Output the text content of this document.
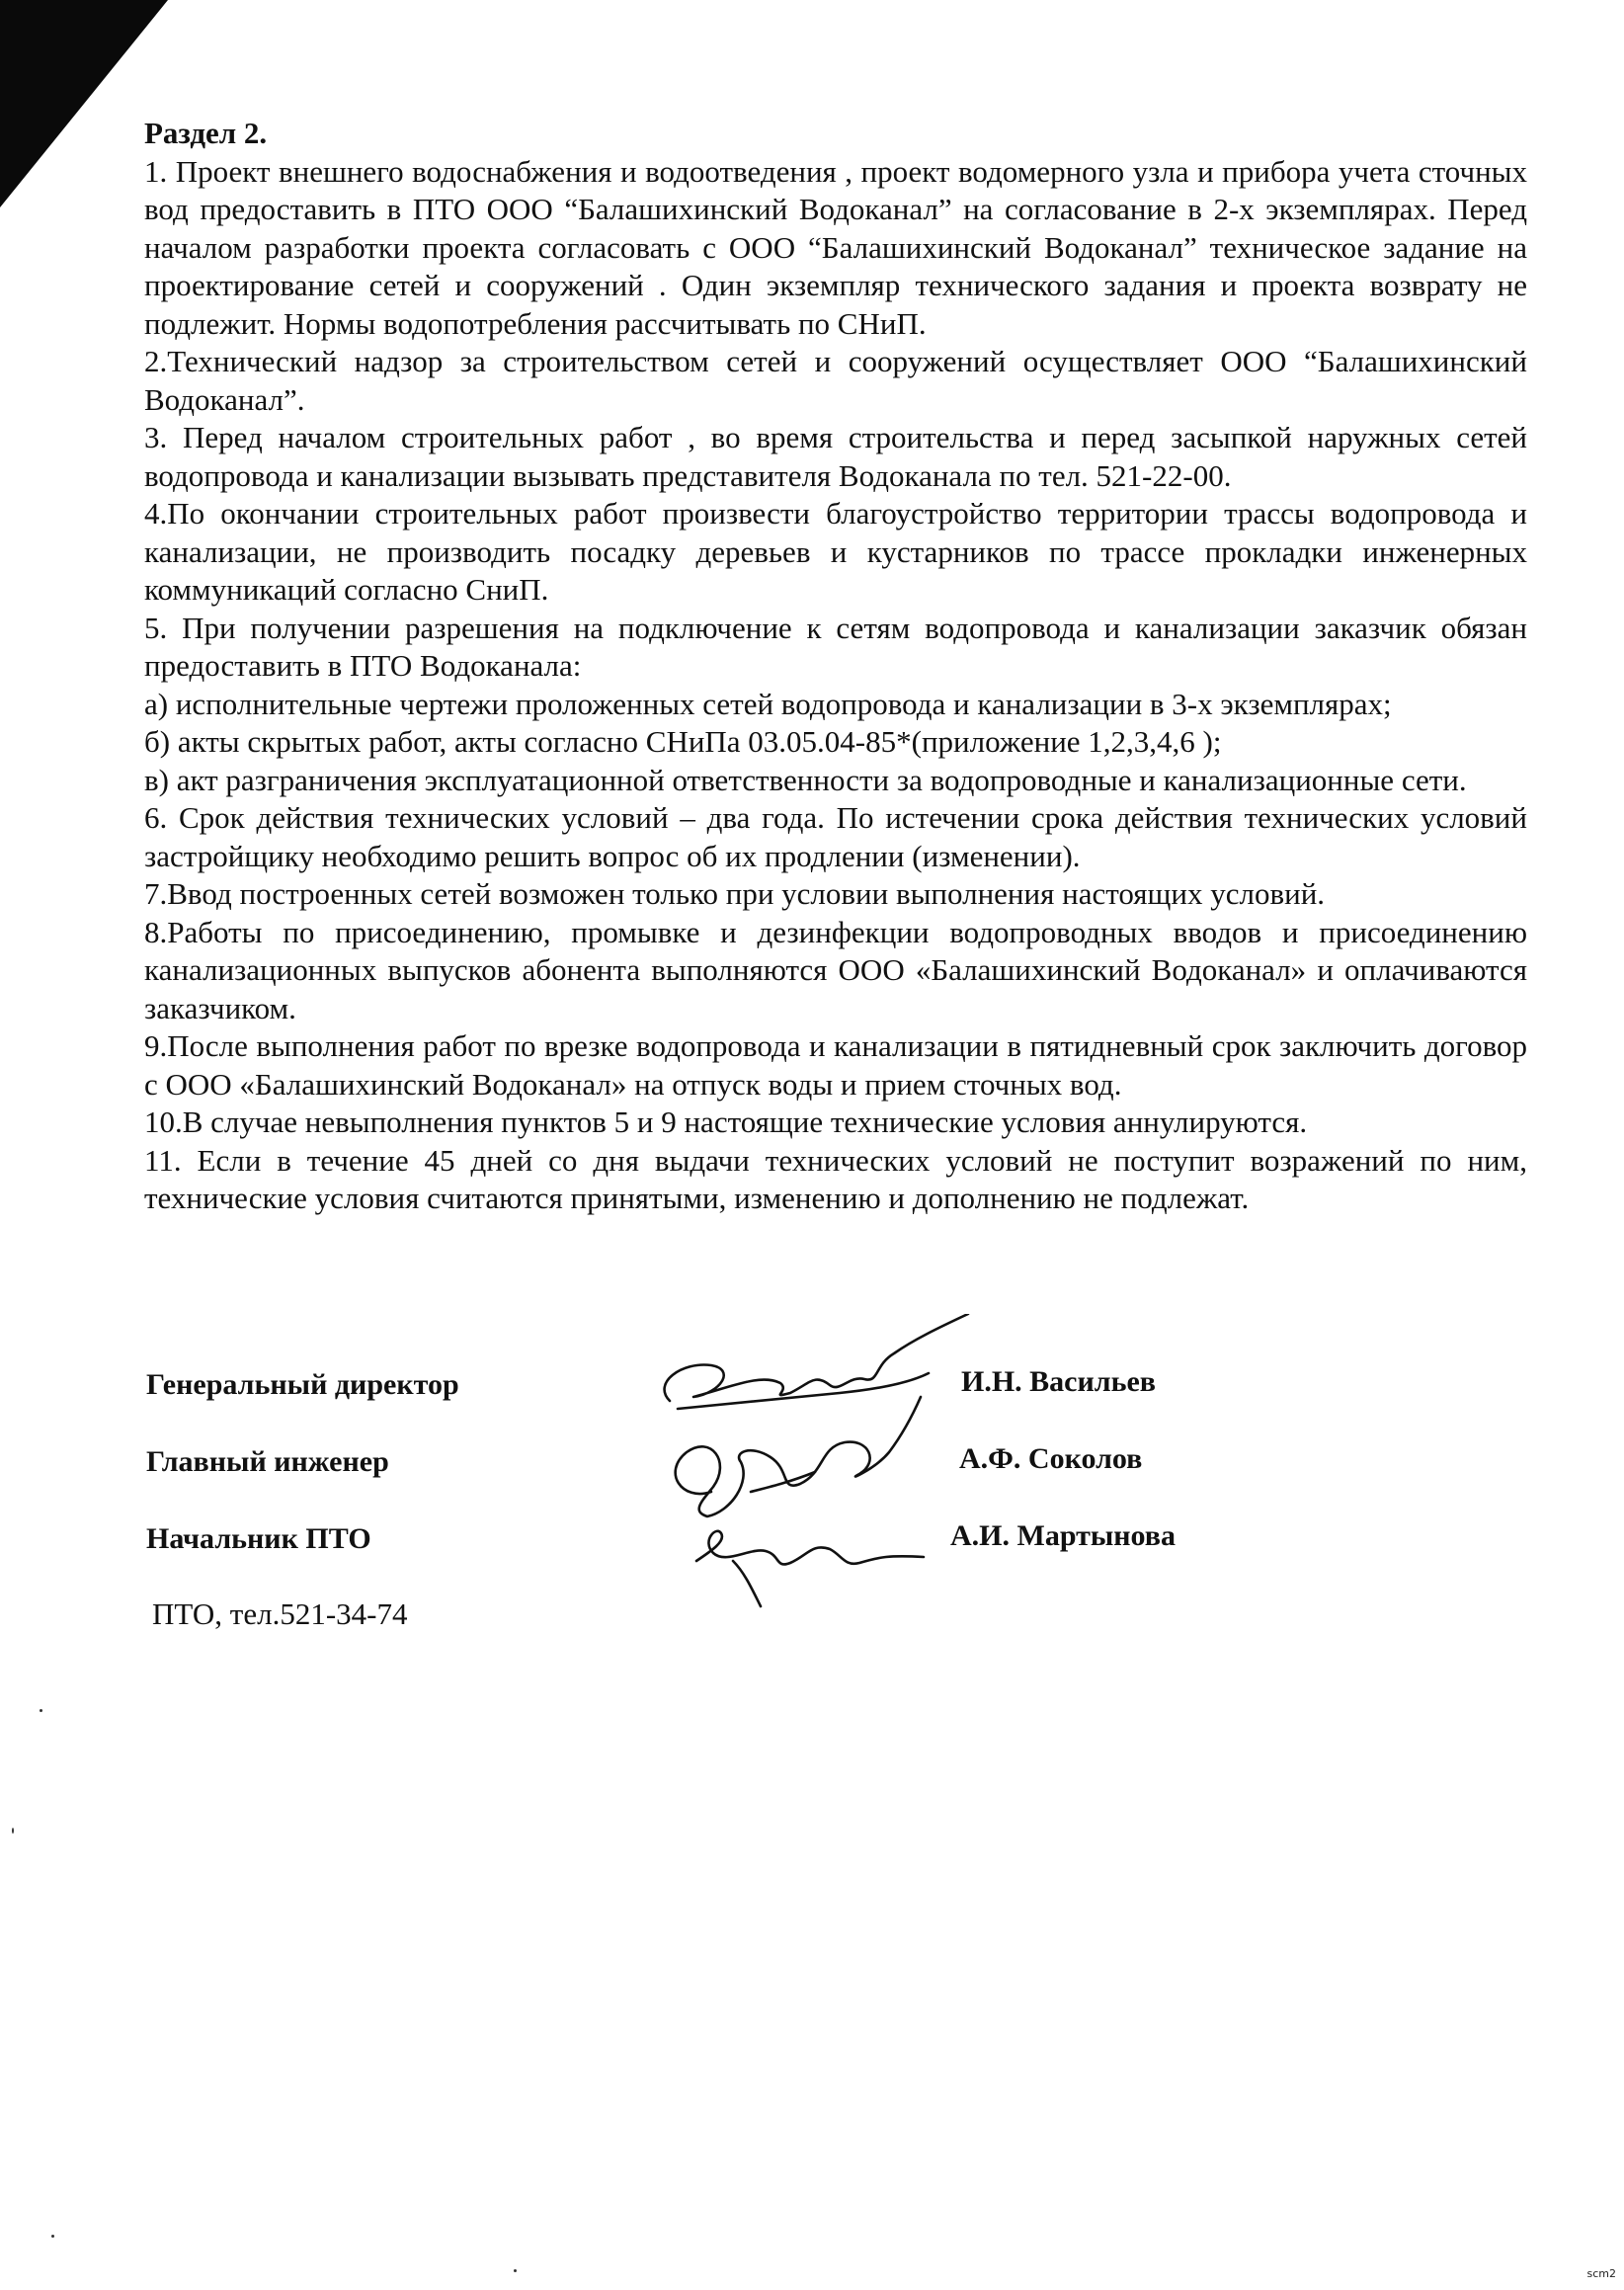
Раздел 2.

1. Проект внешнего водоснабжения и водоотведения , проект водомерного узла и прибора учета сточных вод предоставить в ПТО ООО “Балашихинский Водоканал” на согласование в 2-х экземплярах. Перед началом разработки проекта согласовать с ООО “Балашихинский Водоканал” техническое задание на проектирование сетей и сооружений . Один экземпляр технического задания и проекта возврату не подлежит. Нормы водопотребления рассчитывать по СНиП.

2.Технический надзор за строительством сетей и сооружений осуществляет ООО “Балашихинский Водоканал”.

3. Перед началом строительных работ , во время строительства и перед засыпкой наружных сетей водопровода и канализации вызывать представителя Водоканала по тел. 521-22-00.

4.По окончании строительных работ произвести благоустройство территории трассы водопровода и канализации, не производить посадку деревьев и кустарников по трассе прокладки инженерных коммуникаций согласно СниП.

5. При получении разрешения на подключение к сетям водопровода и канализации заказчик обязан предоставить в ПТО Водоканала:

а) исполнительные чертежи проложенных сетей водопровода и канализации в 3-х экземплярах;

б) акты скрытых работ, акты согласно СНиПа 03.05.04-85*(приложение 1,2,3,4,6 );

в) акт разграничения эксплуатационной ответственности за водопроводные и канализационные сети.

6. Срок действия технических условий – два года. По истечении срока действия технических условий застройщику необходимо решить вопрос об их продлении (изменении).

7.Ввод построенных сетей возможен только при условии выполнения настоящих условий.

8.Работы по присоединению, промывке и дезинфекции водопроводных вводов и присоединению канализационных выпусков абонента выполняются ООО «Балашихинский Водоканал» и оплачиваются заказчиком.

9.После выполнения работ по врезке водопровода и канализации в пятидневный срок заключить договор с ООО «Балашихинский Водоканал» на отпуск воды и прием сточных вод.

10.В случае невыполнения пунктов 5 и 9 настоящие технические условия аннулируются.

11. Если в течение 45 дней со дня выдачи технических условий не поступит возражений по ним, технические условия считаются принятыми, изменению и дополнению не подлежат.

Генеральный директор	И.Н. Васильев
Главный инженер	А.Ф. Соколов
Начальник ПТО	А.И. Мартынова
ПТО, тел.521-34-74
scm2
